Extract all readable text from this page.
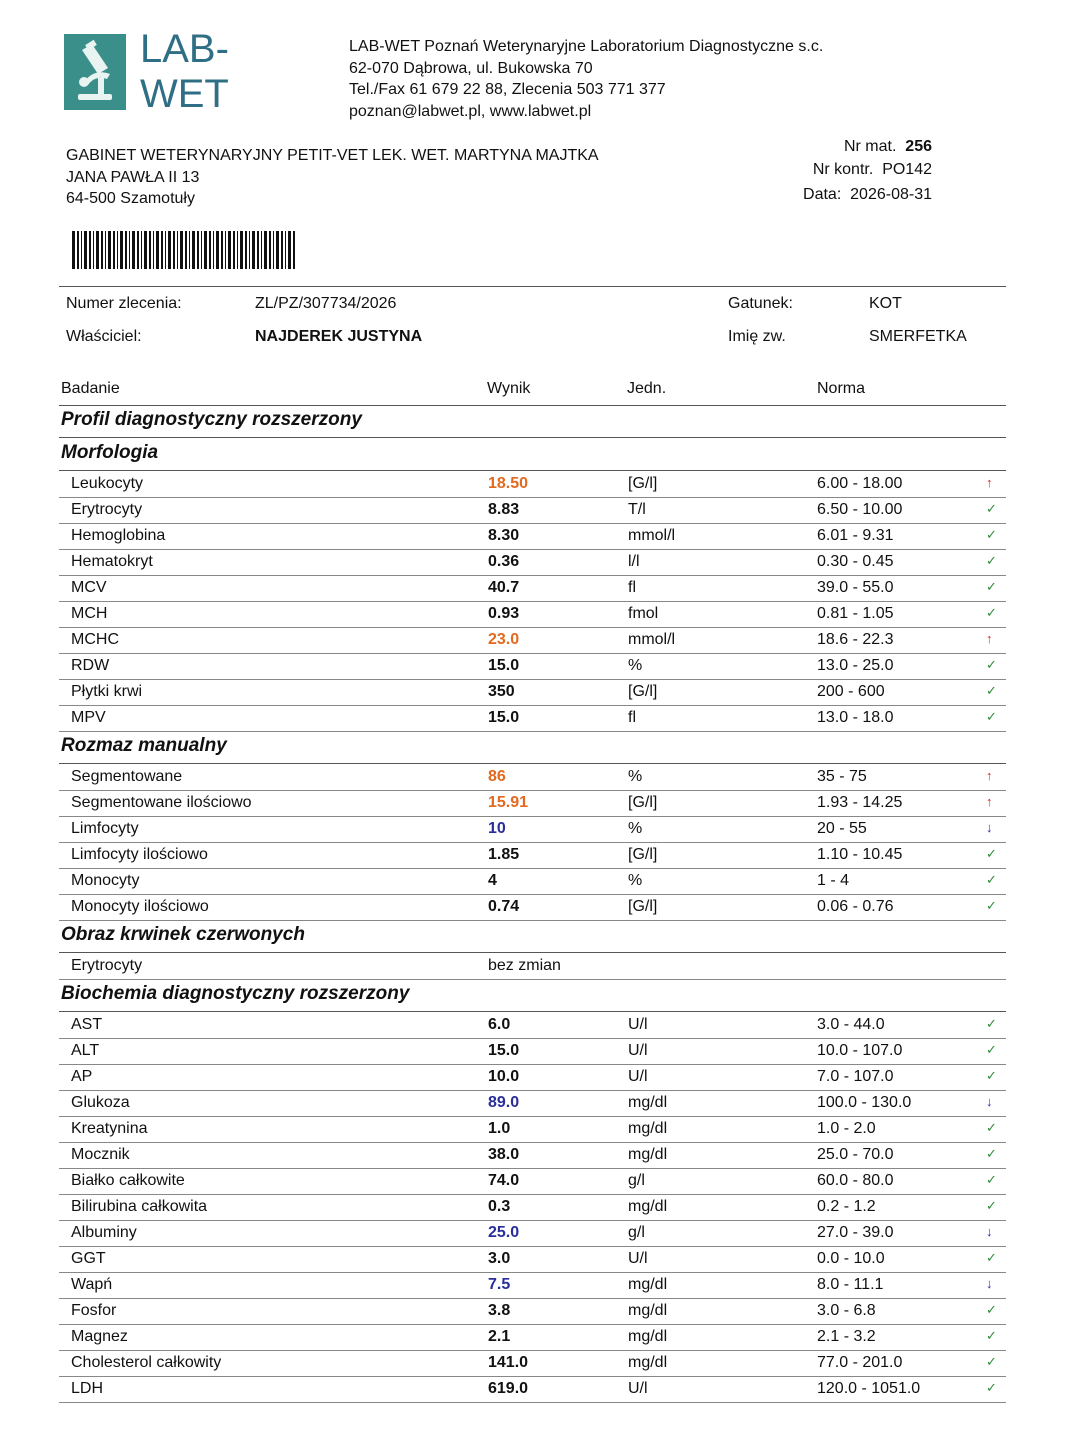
LAB-WET
LAB-WET Poznań Weterynaryjne Laboratorium Diagnostyczne s.c.
62-070 Dąbrowa, ul. Bukowska 70
Tel./Fax 61 679 22 88, Zlecenia 503 771 377
poznan@labwet.pl, www.labwet.pl
GABINET WETERYNARYJNY PETIT-VET LEK. WET. MARTYNA MAJTKA
JANA PAWŁA II 13
64-500 Szamotuły
Nr mat. 256
Nr kontr. PO142
Data: 2026-08-31
Numer zlecenia:	ZL/PZ/307734/2026
Właściciel:	NAJDEREK JUSTYNA
Gatunek:	KOT
Imię zw.	SMERFETKA
Badanie	Wynik	Jedn.	Norma
Profil diagnostyczny rozszerzony
Morfologia
Leukocyty	18.50	[G/l]	6.00 - 18.00	↑
Erytrocyty	8.83	T/l	6.50 - 10.00	✓
Hemoglobina	8.30	mmol/l	6.01 - 9.31	✓
Hematokryt	0.36	l/l	0.30 - 0.45	✓
MCV	40.7	fl	39.0 - 55.0	✓
MCH	0.93	fmol	0.81 - 1.05	✓
MCHC	23.0	mmol/l	18.6 - 22.3	↑
RDW	15.0	%	13.0 - 25.0	✓
Płytki krwi	350	[G/l]	200 - 600	✓
MPV	15.0	fl	13.0 - 18.0	✓
Rozmaz manualny
Segmentowane	86	%	35 - 75	↑
Segmentowane ilościowo	15.91	[G/l]	1.93 - 14.25	↑
Limfocyty	10	%	20 - 55	↓
Limfocyty ilościowo	1.85	[G/l]	1.10 - 10.45	✓
Monocyty	4	%	1 - 4	✓
Monocyty ilościowo	0.74	[G/l]	0.06 - 0.76	✓
Obraz krwinek czerwonych
Erytrocyty	bez zmian
Biochemia diagnostyczny rozszerzony
AST	6.0	U/l	3.0 - 44.0	✓
ALT	15.0	U/l	10.0 - 107.0	✓
AP	10.0	U/l	7.0 - 107.0	✓
Glukoza	89.0	mg/dl	100.0 - 130.0	↓
Kreatynina	1.0	mg/dl	1.0 - 2.0	✓
Mocznik	38.0	mg/dl	25.0 - 70.0	✓
Białko całkowite	74.0	g/l	60.0 - 80.0	✓
Bilirubina całkowita	0.3	mg/dl	0.2 - 1.2	✓
Albuminy	25.0	g/l	27.0 - 39.0	↓
GGT	3.0	U/l	0.0 - 10.0	✓
Wapń	7.5	mg/dl	8.0 - 11.1	↓
Fosfor	3.8	mg/dl	3.0 - 6.8	✓
Magnez	2.1	mg/dl	2.1 - 3.2	✓
Cholesterol całkowity	141.0	mg/dl	77.0 - 201.0	✓
LDH	619.0	U/l	120.0 - 1051.0	✓
